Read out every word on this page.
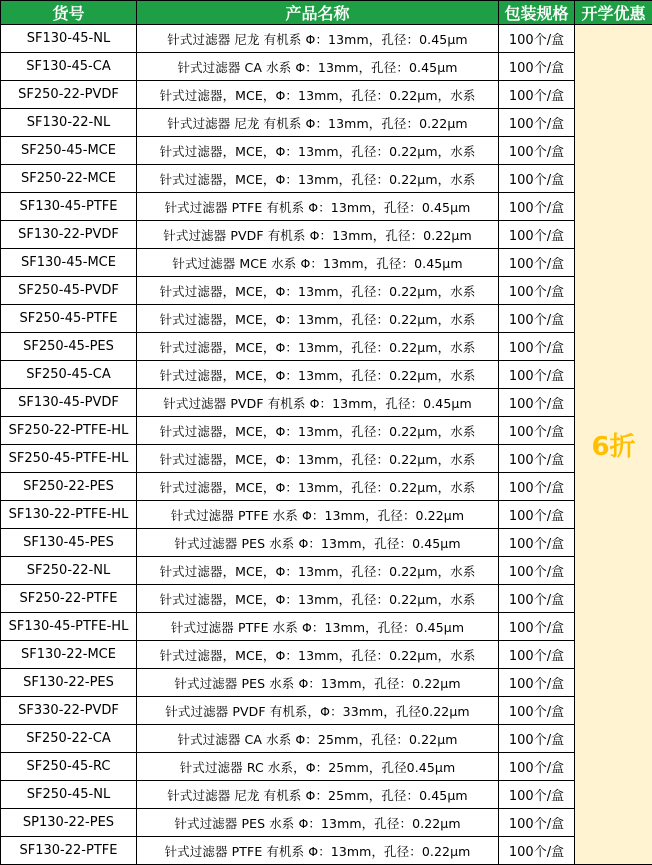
货号	产品名称	包装规格	开学优惠
SF130-45-NL	针式过滤器 尼龙 有机系 Φ：13mm，孔径：0.45μm	100个/盒	6折
SF130-45-CA	针式过滤器 CA 水系 Φ：13mm，孔径：0.45μm	100个/盒	
SF250-22-PVDF	针式过滤器，MCE，Φ：13mm，孔径：0.22μm，水系	100个/盒	
SF130-22-NL	针式过滤器 尼龙 有机系 Φ：13mm，孔径：0.22μm	100个/盒	
SF250-45-MCE	针式过滤器，MCE，Φ：13mm，孔径：0.22μm，水系	100个/盒	
SF250-22-MCE	针式过滤器，MCE，Φ：13mm，孔径：0.22μm，水系	100个/盒	
SF130-45-PTFE	针式过滤器 PTFE 有机系 Φ：13mm，孔径：0.45μm	100个/盒	
SF130-22-PVDF	针式过滤器 PVDF 有机系 Φ：13mm，孔径：0.22μm	100个/盒	
SF130-45-MCE	针式过滤器 MCE 水系 Φ：13mm，孔径：0.45μm	100个/盒	
SF250-45-PVDF	针式过滤器，MCE，Φ：13mm，孔径：0.22μm，水系	100个/盒	
SF250-45-PTFE	针式过滤器，MCE，Φ：13mm，孔径：0.22μm，水系	100个/盒	
SF250-45-PES	针式过滤器，MCE，Φ：13mm，孔径：0.22μm，水系	100个/盒	
SF250-45-CA	针式过滤器，MCE，Φ：13mm，孔径：0.22μm，水系	100个/盒	
SF130-45-PVDF	针式过滤器 PVDF 有机系 Φ：13mm，孔径：0.45μm	100个/盒	
SF250-22-PTFE-HL	针式过滤器，MCE，Φ：13mm，孔径：0.22μm，水系	100个/盒	
SF250-45-PTFE-HL	针式过滤器，MCE，Φ：13mm，孔径：0.22μm，水系	100个/盒	
SF250-22-PES	针式过滤器，MCE，Φ：13mm，孔径：0.22μm，水系	100个/盒	
SF130-22-PTFE-HL	针式过滤器 PTFE 水系 Φ：13mm，孔径：0.22μm	100个/盒	
SF130-45-PES	针式过滤器 PES 水系 Φ：13mm，孔径：0.45μm	100个/盒	
SF250-22-NL	针式过滤器，MCE，Φ：13mm，孔径：0.22μm，水系	100个/盒	
SF250-22-PTFE	针式过滤器，MCE，Φ：13mm，孔径：0.22μm，水系	100个/盒	
SF130-45-PTFE-HL	针式过滤器 PTFE 水系 Φ：13mm，孔径：0.45μm	100个/盒	
SF130-22-MCE	针式过滤器，MCE，Φ：13mm，孔径：0.22μm，水系	100个/盒	
SF130-22-PES	针式过滤器 PES 水系 Φ：13mm，孔径：0.22μm	100个/盒	
SF330-22-PVDF	针式过滤器 PVDF 有机系，Φ：33mm，孔径0.22μm	100个/盒	
SF250-22-CA	针式过滤器 CA 水系 Φ：25mm，孔径：0.22μm	100个/盒	
SF250-45-RC	针式过滤器 RC 水系，Φ：25mm，孔径0.45μm	100个/盒	
SF250-45-NL	针式过滤器 尼龙 有机系 Φ：25mm，孔径：0.45μm	100个/盒	
SP130-22-PES	针式过滤器 PES 水系 Φ：13mm，孔径：0.22μm	100个/盒	
SF130-22-PTFE	针式过滤器 PTFE 有机系 Φ：13mm，孔径：0.22μm	100个/盒	
